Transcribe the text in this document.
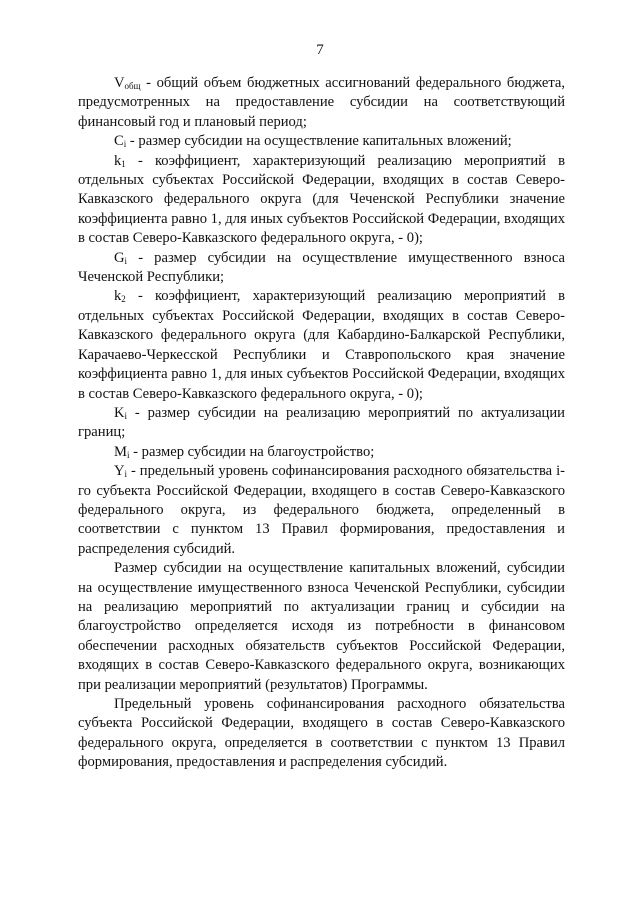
7

$V_{общ}$ - общий объем бюджетных ассигнований федерального бюджета, предусмотренных на предоставление субсидии на соответствующий финансовый год и плановый период;

$C_i$ - размер субсидии на осуществление капитальных вложений;

$k_1$ - коэффициент, характеризующий реализацию мероприятий в отдельных субъектах Российской Федерации, входящих в состав Северо-Кавказского федерального округа (для Чеченской Республики значение коэффициента равно 1, для иных субъектов Российской Федерации, входящих в состав Северо-Кавказского федерального округа, - 0);

$G_i$ - размер субсидии на осуществление имущественного взноса Чеченской Республики;

$k_2$ - коэффициент, характеризующий реализацию мероприятий в отдельных субъектах Российской Федерации, входящих в состав Северо-Кавказского федерального округа (для Кабардино-Балкарской Республики, Карачаево-Черкесской Республики и Ставропольского края значение коэффициента равно 1, для иных субъектов Российской Федерации, входящих в состав Северо-Кавказского федерального округа, - 0);

$K_i$ - размер субсидии на реализацию мероприятий по актуализации границ;

$M_i$ - размер субсидии на благоустройство;

$Y_i$ - предельный уровень софинансирования расходного обязательства i-го субъекта Российской Федерации, входящего в состав Северо-Кавказского федерального округа, из федерального бюджета, определенный в соответствии с пунктом 13 Правил формирования, предоставления и распределения субсидий.

Размер субсидии на осуществление капитальных вложений, субсидии на осуществление имущественного взноса Чеченской Республики, субсидии на реализацию мероприятий по актуализации границ и субсидии на благоустройство определяется исходя из потребности в финансовом обеспечении расходных обязательств субъектов Российской Федерации, входящих в состав Северо-Кавказского федерального округа, возникающих при реализации мероприятий (результатов) Программы.

Предельный уровень софинансирования расходного обязательства субъекта Российской Федерации, входящего в состав Северо-Кавказского федерального округа, определяется в соответствии с пунктом 13 Правил формирования, предоставления и распределения субсидий.
